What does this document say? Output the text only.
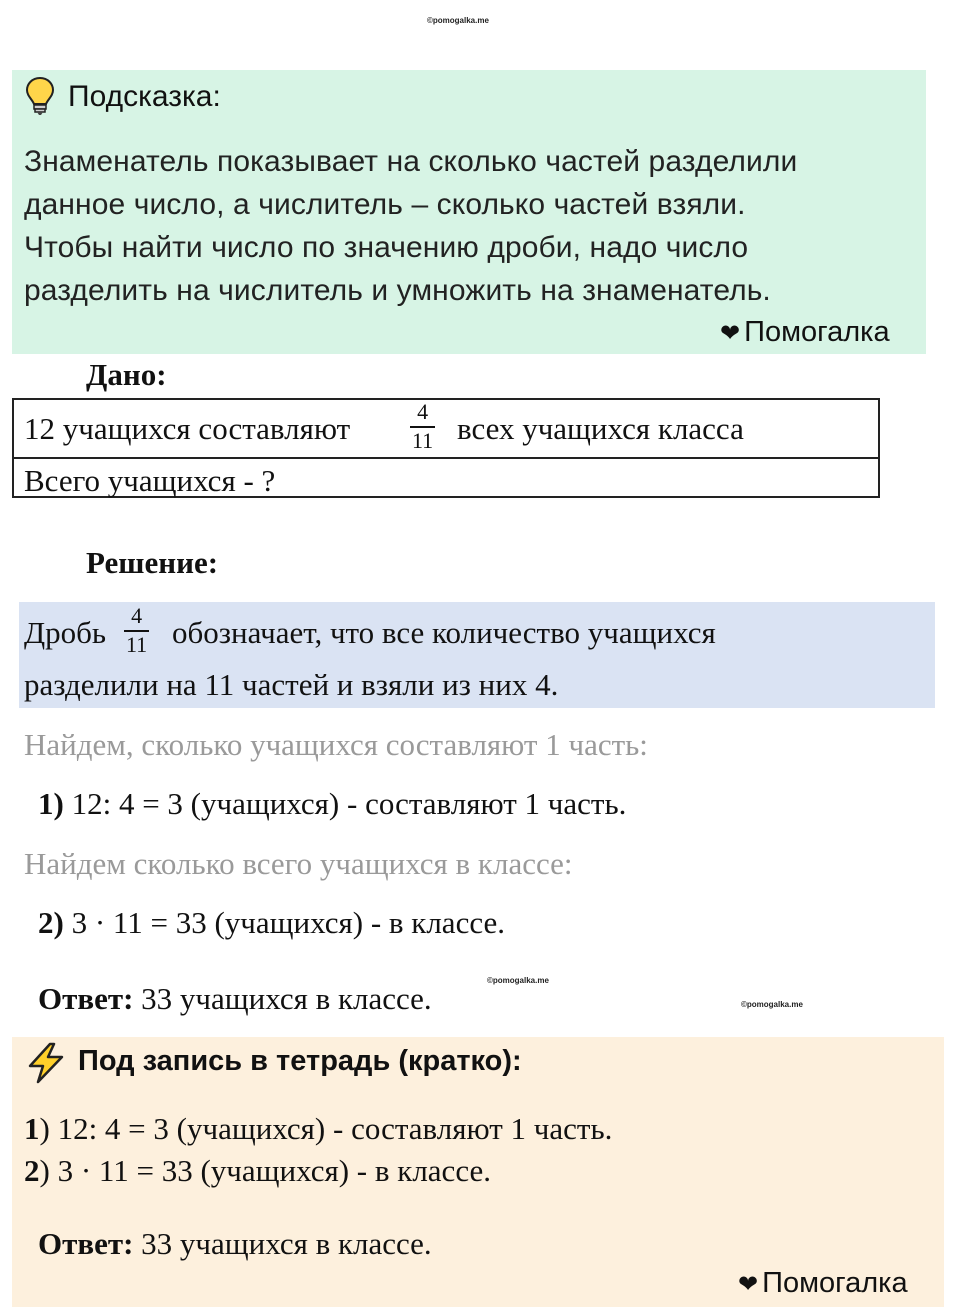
©pomogalka.me
©pomogalka.me
©pomogalka.me
Подсказка:
Знаменатель показывает на сколько частей разделили
данное число, а числитель – сколько частей взяли.
Чтобы найти число по значению дроби, надо число
разделить на числитель и умножить на знаменатель.
❤ Помогалка
Дано:
12 учащихся составляют	4
11 всех учащихся класса
Всего учащихся - ?
Решение:
Дробь	4
11 обозначает, что все количество учащихся
разделили на 11 частей и взяли из них 4.
Найдем, сколько учащихся составляют 1 часть:
1) 12: 4 = 3 (учащихся) - составляют 1 часть.
Найдем сколько всего учащихся в классе:
2) 3 · 11 = 33 (учащихся) - в классе.
Ответ: 33 учащихся в классе.
Под запись в тетрадь (кратко):
1) 12: 4 = 3 (учащихся) - составляют 1 часть.
2) 3 · 11 = 33 (учащихся) - в классе.
Ответ: 33 учащихся в классе.
❤ Помогалка
